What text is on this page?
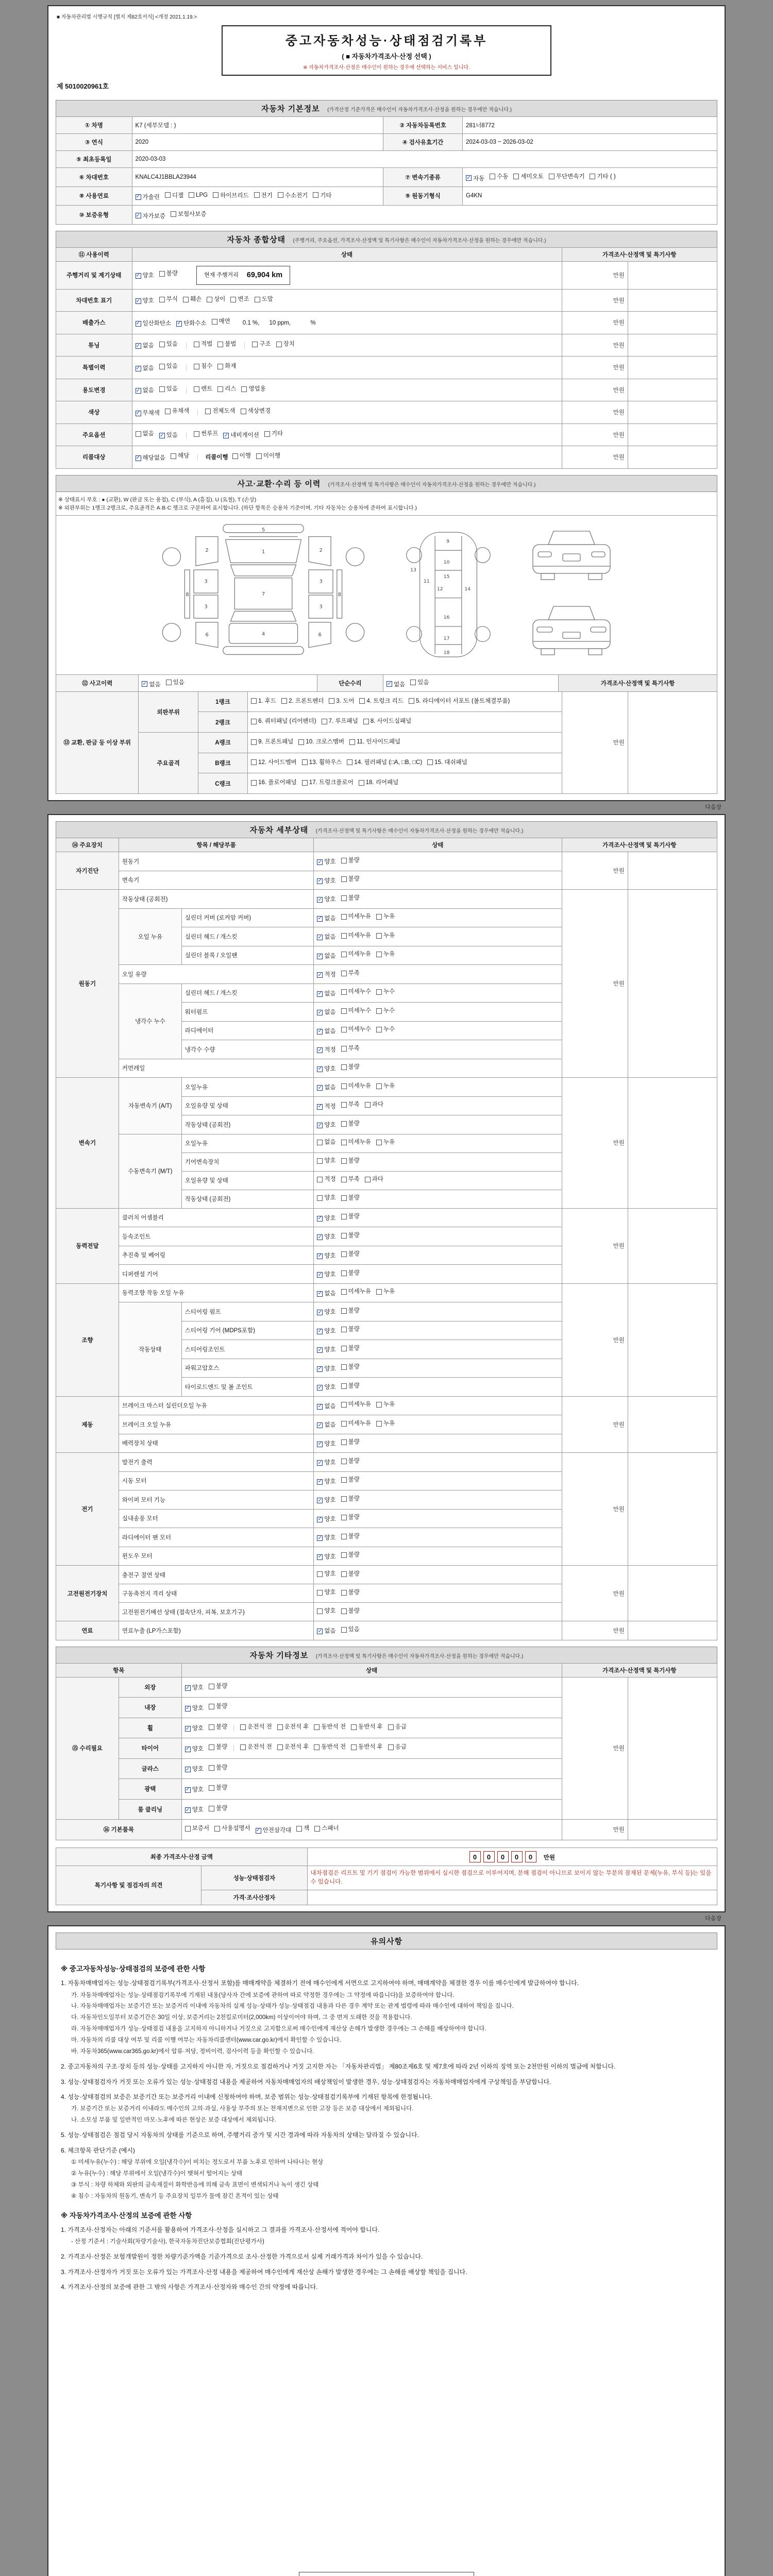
■ 자동차관리법 시행규칙 [별지 제82호서식] <개정 2021.1.19.>
중고자동차성능·상태점검기록부
( ■ 자동차가격조사·산정 선택 )
※ 자동차가격조사·산정은 매수인이 원하는 경우에 선택하는 서비스 입니다.
제 5010020961호
자동차 기본정보 (가격산정 기준가격은 매수인이 자동차가격조사·산정을 원하는 경우에만 적습니다.)
① 차명	K7 (세부모델 : )	② 자동차등록번호	281너8772
③ 연식	2020	④ 검사유효기간	2024-03-03 ~ 2026-03-02
⑤ 최초등록일	2020-03-03		
⑥ 차대번호	KNALC4J1BBLA23944	⑦ 변속기종류	✓ 자동 수동 세미오토 무단변속기 기타 ( )

⑧ 사용연료	✓ 가솔린 디젤 LPG 하이브리드 전기 수소전기 기타	⑨ 원동기형식	G4KN
⑩ 보증유형	✓ 자가보증 보험사보증		
자동차 종합상태 (주행거리, 주요옵션, 가격조사·산정액 및 특기사항은 매수인이 자동차가격조사·산정을 원하는 경우에만 적습니다.)
⑪ 사용이력	상태	가격조사·산정액 및 특기사항	
주행거리 및 계기상태	✓ 양호 불량 현재 주행거리 69,904 km	만원	
차대번호 표기	✓ 양호 부식 훼손 상이 변조 도말	만원	
배출가스	✓ 일산화탄소 ✓ 탄화수소 매연 0.1 %,      10 ppm,            %	만원	
튜닝	✓ 없음 있음	적법 불법	구조 장치	만원	
특별이력	✓ 없음 있음 침수 화재	만원	
용도변경	✓ 없음 있음	렌트 리스 영업용	만원	
색상	✓ 무채색 유채색 전체도색 색상변경	만원	
주요옵션	없음 ✓ 있음	썬루프 ✓ 네비게이션 기타	만원	
리콜대상	✓ 해당없음 해당	리콜이행 이행 미이행	만원	
사고·교환·수리 등 이력 (가격조사·산정액 및 특기사항은 매수인이 자동차가격조사·산정을 원하는 경우에만 적습니다.)
※ 상태표시 부호 : ● (교환), W (판금 또는 용접), C (부식), A (흠집), U (요철), T (손상)
※ 외판부위는 1랭크·2랭크로, 주요골격은 A·B·C 랭크로 구분하여 표시합니다. (하단 항목은 승용차 기준이며, 기타 자동차는 승용차에 준하여 표시합니다.)
1
2	2
3	3
3	3
4
5
6	6
7
8	8
9
10
11
12
13
14
15
16
17
18
⑫ 사고이력	✓ 없음 있음	단순수리	✓ 없음 있음	가격조사·산정액 및 특기사항
⑬ 교환, 판금 등 이상 부위	외판부위	1랭크	1. 후드 2. 프론트펜더 3. 도어 4. 트렁크 리드 5. 라디에이터 서포트 (볼트체결부품)	만원	
		2랭크	6. 쿼터패널 (리어펜더) 7. 루프패널 8. 사이드실패널		

	주요골격	A랭크	9. 프론트패널 10. 크로스멤버 11. 인사이드패널		

		B랭크	12. 사이드멤버 13. 휠하우스 14. 필러패널 (□A, □B, □C) 15. 대쉬패널		

		C랭크	16. 플로어패널 17. 트렁크플로어 18. 리어패널		
다음장
자동차 세부상태 (가격조사·산정액 및 특기사항은 매수인이 자동차가격조사·산정을 원하는 경우에만 적습니다.)
⑭ 주요장치	항목 / 해당부품		상태	가격조사·산정액 및 특기사항	
자기진단	원동기		✓ 양호 불량	만원	
	변속기		✓ 양호 불량		

원동기	작동상태 (공회전)		✓ 양호 불량	만원	
	오일 누유	실린더 커버 (로커암 커버)	✓ 없음 미세누유 누유		

		실린더 헤드 / 개스킷	✓ 없음 미세누유 누유		

		실린더 블록 / 오일팬	✓ 없음 미세누유 누유		

	오일 유량		✓ 적정 부족		

	냉각수 누수	실린더 헤드 / 개스킷	✓ 없음 미세누수 누수		

		워터펌프	✓ 없음 미세누수 누수		

		라디에이터	✓ 없음 미세누수 누수		

		냉각수 수량	✓ 적정 부족		

	커먼레일		✓ 양호 불량		

변속기	자동변속기 (A/T)	오일누유	✓ 없음 미세누유 누유	만원	
		오일유량 및 상태	✓ 적정 부족 과다		

		작동상태 (공회전)	✓ 양호 불량		

	수동변속기 (M/T)	오일누유	없음 미세누유 누유		

		기어변속장치	양호 불량		

		오일유량 및 상태	적정 부족 과다		

		작동상태 (공회전)	양호 불량		

동력전달	클러치 어셈블리		✓ 양호 불량	만원	
	등속조인트		✓ 양호 불량		

	추진축 및 베어링		✓ 양호 불량		

	디퍼렌셜 기어		✓ 양호 불량		

조향	동력조향 작동 오일 누유		✓ 없음 미세누유 누유	만원	
	작동상태	스티어링 펌프	✓ 양호 불량		

		스티어링 기어 (MDPS포함)	✓ 양호 불량		

		스티어링조인트	✓ 양호 불량		

		파워고압호스	✓ 양호 불량		

		타이로드엔드 및 볼 조인트	✓ 양호 불량		

제동	브레이크 마스터 실린더오일 누유		✓ 없음 미세누유 누유	만원	
	브레이크 오일 누유		✓ 없음 미세누유 누유		

	배력장치 상태		✓ 양호 불량		

전기	발전기 출력		✓ 양호 불량	만원	
	시동 모터		✓ 양호 불량		

	와이퍼 모터 기능		✓ 양호 불량		

	실내송풍 모터		✓ 양호 불량		

	라디에이터 팬 모터		✓ 양호 불량		

	윈도우 모터		✓ 양호 불량		

고전원전기장치	충전구 절연 상태		양호 불량	만원	
	구동축전지 격리 상태		양호 불량		

	고전원전기배선 상태 (접속단자, 피복, 보호기구)		양호 불량		

연료	연료누출 (LP가스포함)		✓ 없음 있음	만원	
자동차 기타정보 (가격조사·산정액 및 특기사항은 매수인이 자동차가격조사·산정을 원하는 경우에만 적습니다.)
항목		상태	가격조사·산정액 및 특기사항	
⑮ 수리필요	외장	✓ 양호 불량	만원	
	내장	✓ 양호 불량		

휠	✓ 양호 불량	운전석 전 운전석 후 동반석 전 동반석 후 응급

타이어	✓ 양호 불량	운전석 전 운전석 후 동반석 전 동반석 후 응급

	글라스	✓ 양호 불량		

	광택	✓ 양호 불량		

	룸 클리닝	✓ 양호 불량		

⑯ 기본품목	보증서 사용설명서 ✓ 안전삼각대 잭 스패너	만원	
최종 가격조사·산정 금액		0 0 0 0 0 만원
특기사항 및 점검자의 의견	성능·상태점검자	내차점검은 리프트 및 기기 점검이 가능한 범위에서 실시한 점검으로 이루어지며, 분해 점검이 아니므로 보이지 않는 부분의 잠재된 문제(누유, 부식 등)는 있을 수 있습니다.
	가격·조사산정자	
다음장
유의사항
※ 중고자동차성능·상태점검의 보증에 관한 사항
1. 자동차매매업자는 성능·상태점검기록부(가격조사·산정서 포함)를 매매계약을 체결하기 전에 매수인에게 서면으로 고지하여야 하며, 매매계약을 체결한 경우 이를 매수인에게 발급하여야 합니다.
가. 자동차매매업자는 성능·상태점검기록부에 기재된 내용(당사자 간에 보증에 관하여 따로 약정한 경우에는 그 약정에 따릅니다)을 보증하여야 합니다.
나. 자동차매매업자는 보증기간 또는 보증거리 이내에 자동차의 실제 성능·상태가 성능·상태점검 내용과 다른 경우 계약 또는 관계 법령에 따라 매수인에 대하여 책임을 집니다.
다. 자동차인도일부터 보증기간은 30일 이상, 보증거리는 2천킬로미터(2,000km) 이상이어야 하며, 그 중 먼저 도래한 것을 적용합니다.
라. 자동차매매업자가 성능·상태점검 내용을 고지하지 아니하거나 거짓으로 고지함으로써 매수인에게 재산상 손해가 발생한 경우에는 그 손해를 배상하여야 합니다.
마. 자동차의 리콜 대상 여부 및 리콜 이행 여부는 자동차리콜센터(www.car.go.kr)에서 확인할 수 있습니다.
바. 자동차365(www.car365.go.kr)에서 압류·저당, 정비이력, 검사이력 등을 확인할 수 있습니다.
2. 중고자동차의 구조·장치 등의 성능·상태를 고지하지 아니한 자, 거짓으로 점검하거나 거짓 고지한 자는 「자동차관리법」 제80조제6호 및 제7호에 따라 2년 이하의 징역 또는 2천만원 이하의 벌금에 처합니다.
3. 성능·상태점검자가 거짓 또는 오류가 있는 성능·상태점검 내용을 제공하여 자동차매매업자의 배상책임이 발생한 경우, 성능·상태점검자는 자동차매매업자에게 구상책임을 부담합니다.
4. 성능·상태점검의 보증은 보증기간 또는 보증거리 이내에 신청하여야 하며, 보증 범위는 성능·상태점검기록부에 기재된 항목에 한정됩니다.
가. 보증기간 또는 보증거리 이내라도 매수인의 고의·과실, 사용상 부주의 또는 천재지변으로 인한 고장 등은 보증 대상에서 제외됩니다.
나. 소모성 부품 및 일반적인 마모·노후에 따른 현상은 보증 대상에서 제외됩니다.
5. 성능·상태점검은 점검 당시 자동차의 상태를 기준으로 하며, 주행거리 증가 및 시간 경과에 따라 자동차의 상태는 달라질 수 있습니다.
6. 체크항목 판단기준 (예시)
① 미세누유(누수) : 해당 부위에 오일(냉각수)이 비치는 정도로서 부품 노후로 인하여 나타나는 현상
② 누유(누수) : 해당 부위에서 오일(냉각수)이 맺혀서 떨어지는 상태
③ 부식 : 차량 하체와 외판의 금속재질이 화학반응에 의해 금속 표면이 변색되거나 녹이 생긴 상태
④ 침수 : 자동차의 원동기, 변속기 등 주요장치 일부가 물에 잠긴 흔적이 있는 상태
※ 자동차가격조사·산정의 보증에 관한 사항
1. 가격조사·산정자는 아래의 기준서를 활용하여 가격조사·산정을 실시하고 그 결과를 가격조사·산정서에 적어야 합니다.
- 산정 기준서 : 기술사회(차량기술사), 한국자동차진단보증협회(진단평가사)
2. 가격조사·산정은 보험개발원이 정한 차량기준가액을 기준가격으로 조사·산정한 가격으로서 실제 거래가격과 차이가 있을 수 있습니다.
3. 가격조사·산정자가 거짓 또는 오류가 있는 가격조사·산정 내용을 제공하여 매수인에게 재산상 손해가 발생한 경우에는 그 손해를 배상할 책임을 집니다.
4. 가격조사·산정의 보증에 관한 그 밖의 사항은 가격조사·산정자와 매수인 간의 약정에 따릅니다.
